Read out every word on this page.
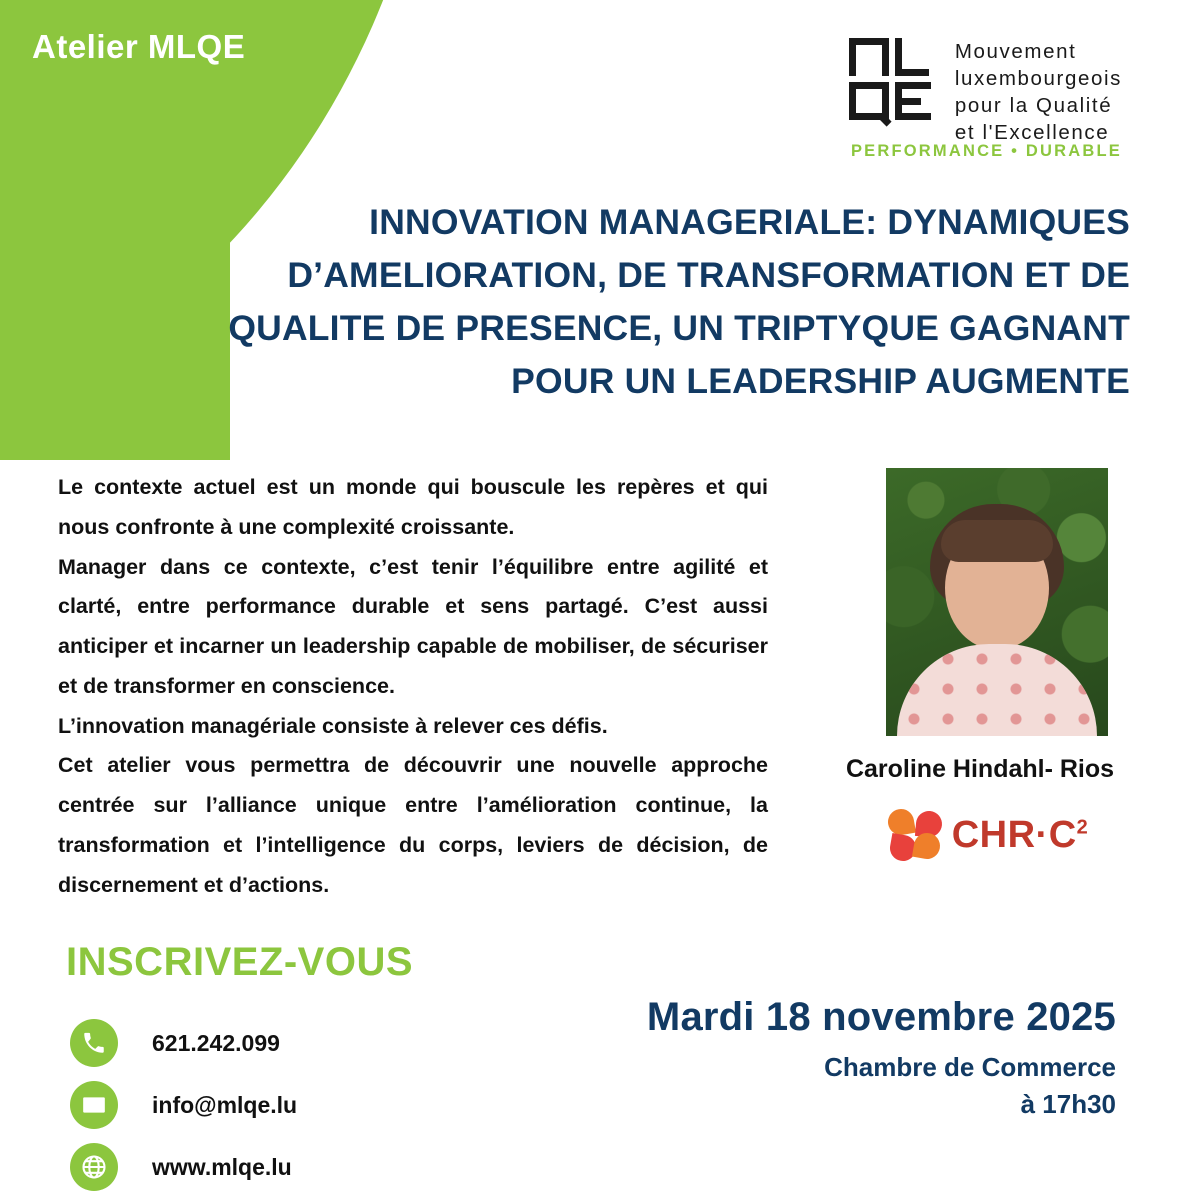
Atelier MLQE	Mouvement
luxembourgeois
pour la Qualité
et l'Excellence
PERFORMANCE • DURABLE
INNOVATION MANAGERIALE: DYNAMIQUES D’AMELIORATION, DE TRANSFORMATION ET DE QUALITE DE PRESENCE, UN TRIPTYQUE GAGNANT POUR UN LEADERSHIP AUGMENTE

Le contexte actuel est un monde qui bouscule les repères et qui nous confronte à une complexité croissante.

Manager dans ce contexte, c’est tenir l’équilibre entre agilité et clarté, entre performance durable et sens partagé. C’est aussi anticiper et incarner un leadership capable de mobiliser, de sécuriser et de transformer en conscience.

L’innovation managériale consiste à relever ces défis.

Cet atelier vous permettra de découvrir une nouvelle approche centrée sur l’alliance unique entre l’amélioration continue, la transformation et l’intelligence du corps, leviers de décision, de discernement et d’actions.

Caroline Hindahl- Rios
$CHR\cdot C^2$
INSCRIVEZ-VOUS
621.242.099
info@mlqe.lu
www.mlqe.lu
Mardi 18 novembre 2025
Chambre de Commerce
à 17h30
